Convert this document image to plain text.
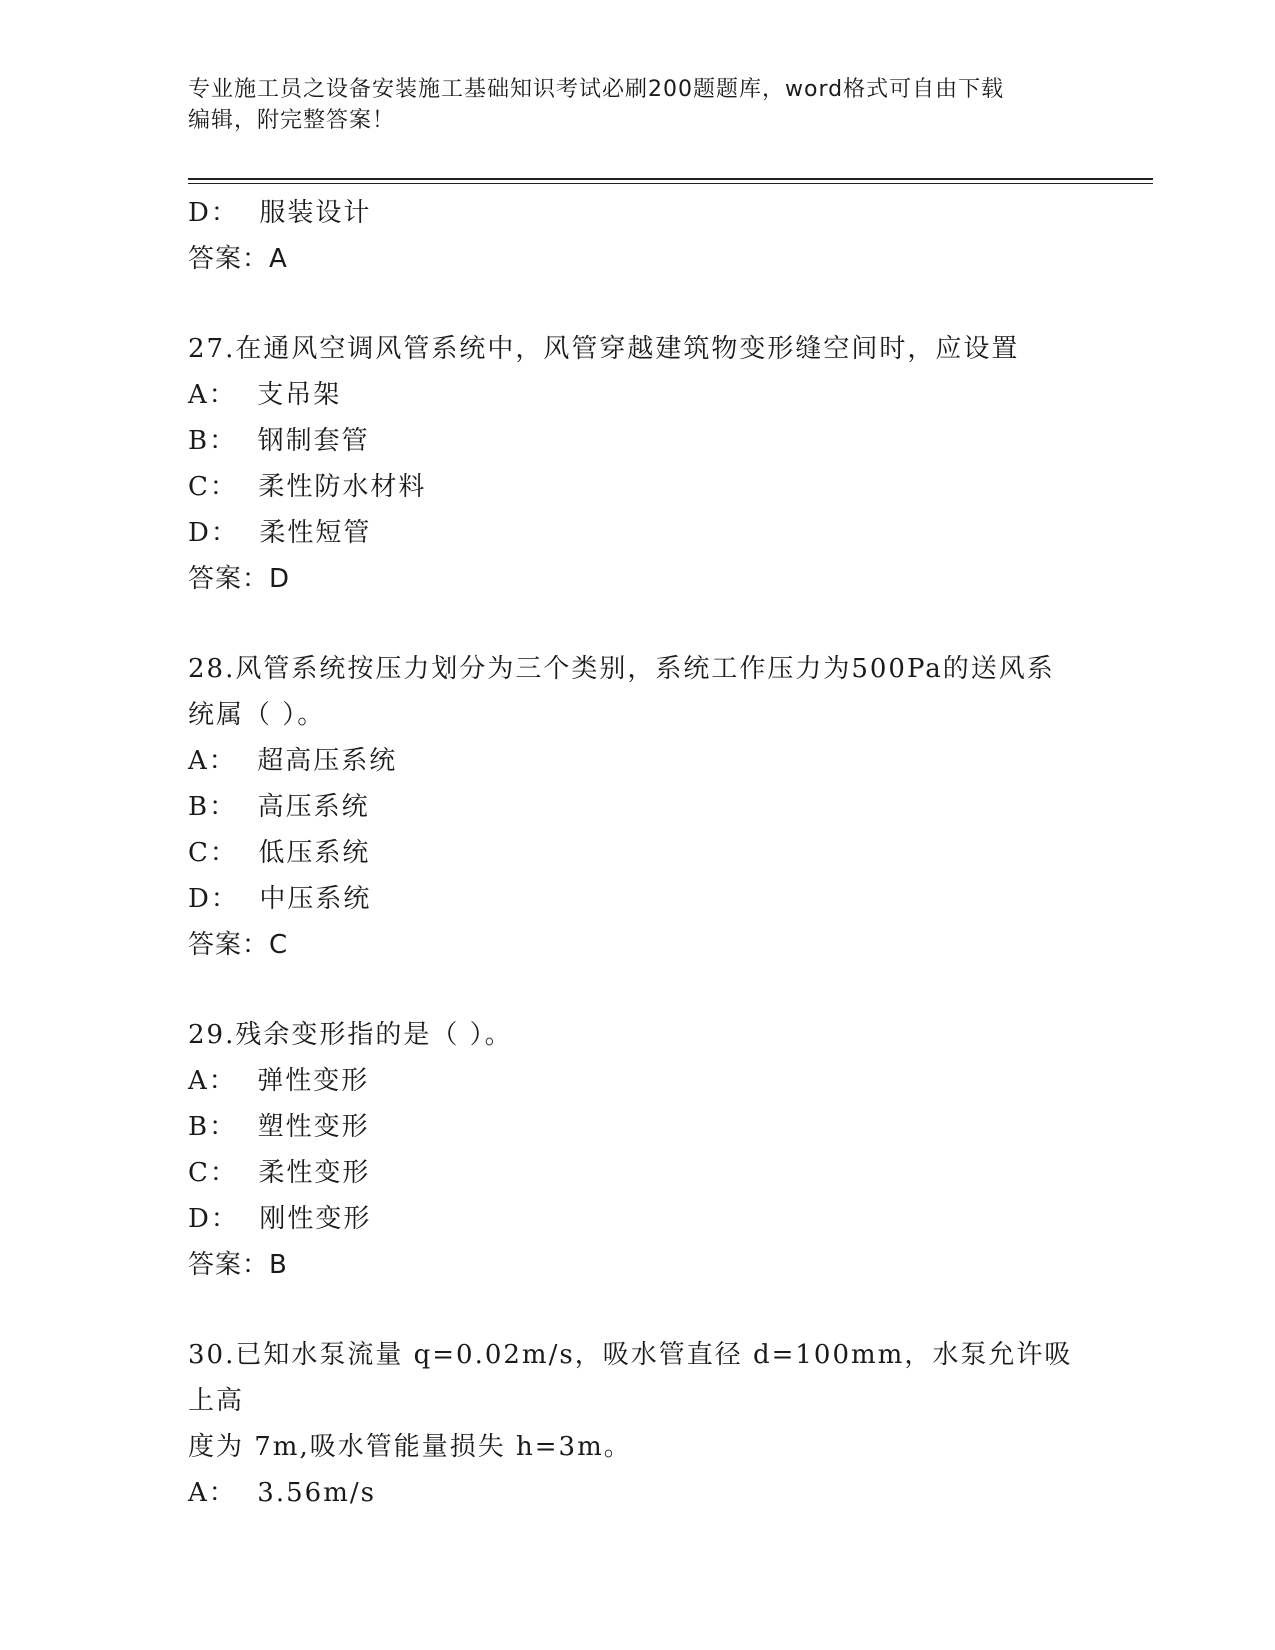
专业施工员之设备安装施工基础知识考试必刷200题题库，word格式可自由下载
编辑，附完整答案！
D：  服装设计
答案：A
27.在通风空调风管系统中，风管穿越建筑物变形缝空间时，应设置
A：  支吊架
B：  钢制套管
C：  柔性防水材料
D：  柔性短管
答案：D
28.风管系统按压力划分为三个类别，系统工作压力为500Pa的送风系
统属（ ）。
A：  超高压系统
B：  高压系统
C：  低压系统
D：  中压系统
答案：C
29.残余变形指的是（ ）。
A：  弹性变形
B：  塑性变形
C：  柔性变形
D：  刚性变形
答案：B
30.已知水泵流量 q=0.02m/s，吸水管直径 d=100mm，水泵允许吸上高
度为 7m,吸水管能量损失 h=3m。
A：  3.56m/s
